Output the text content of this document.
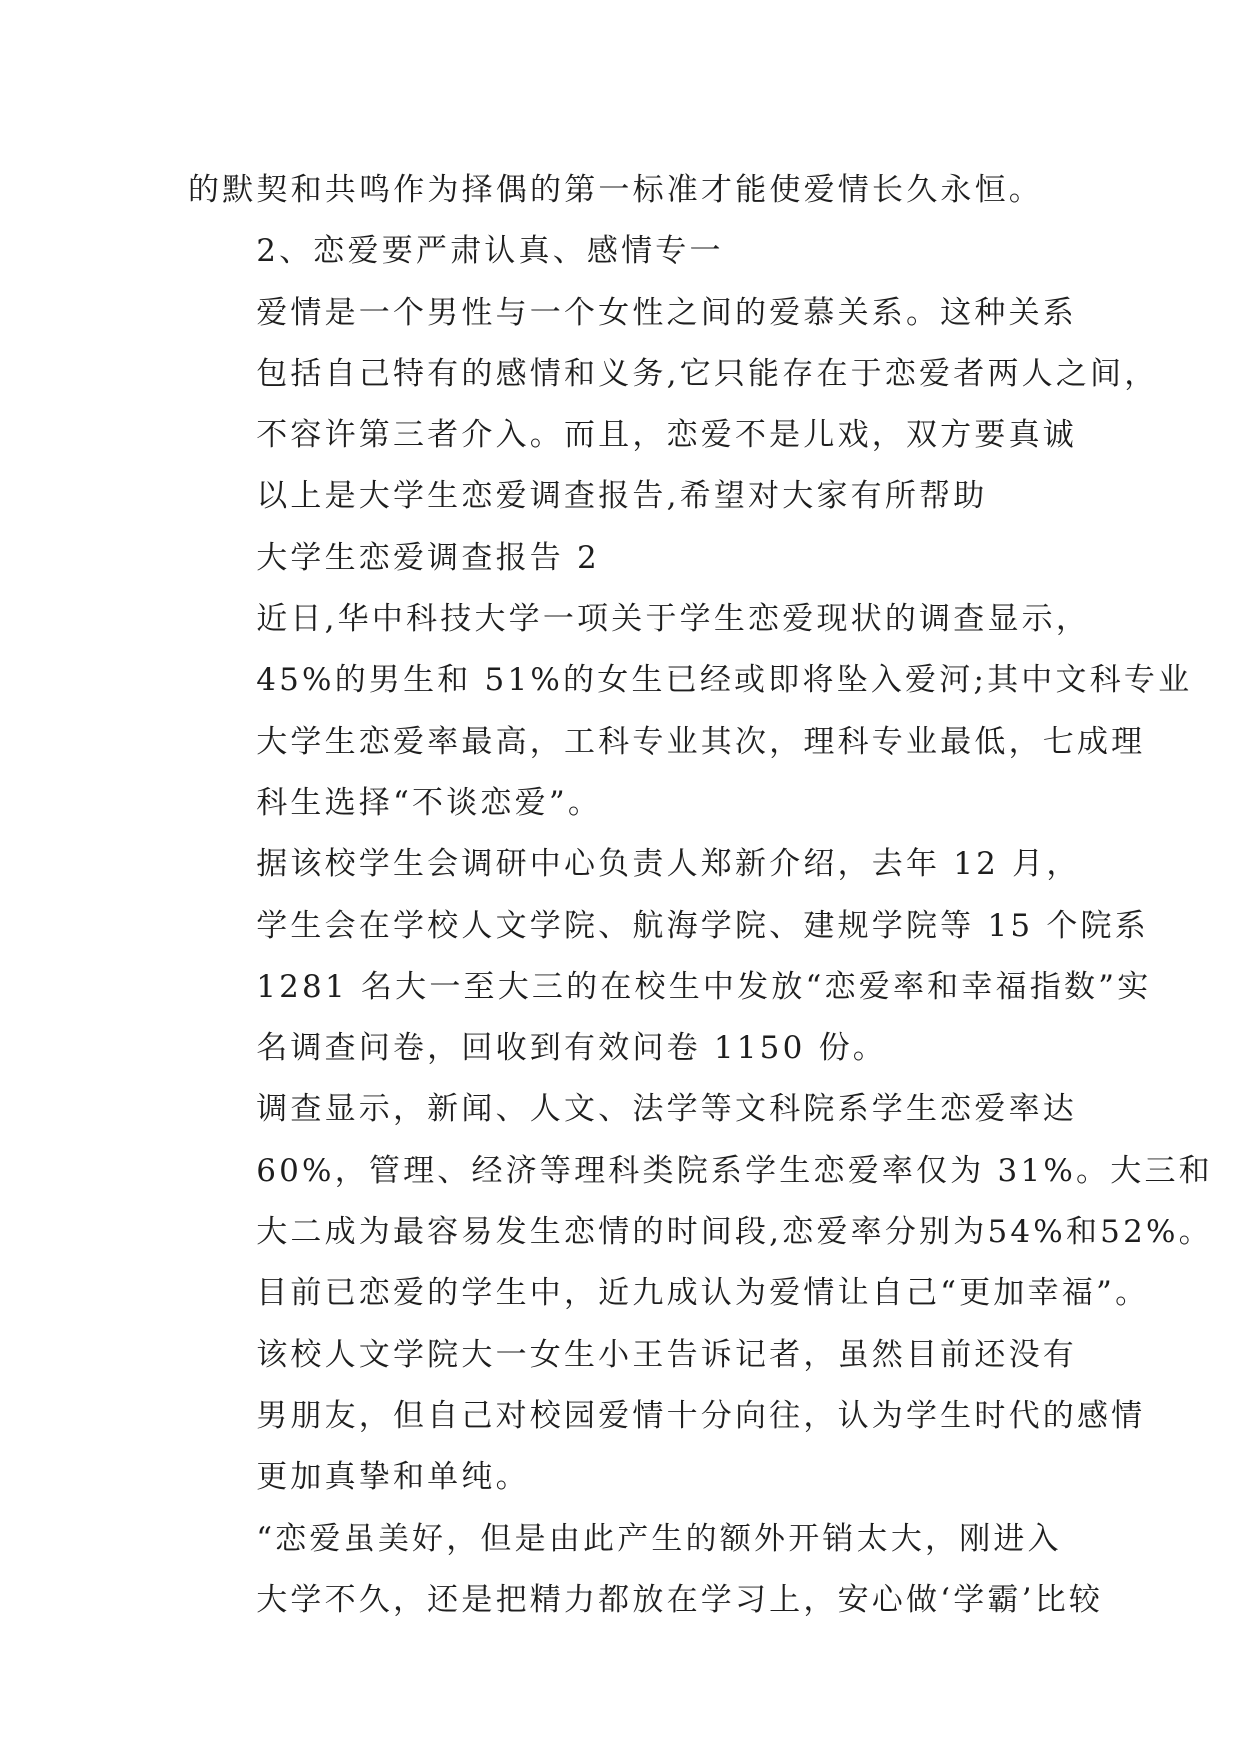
的默契和共鸣作为择偶的第一标准才能使爱情长久永恒。

2、恋爱要严肃认真、感情专一

爱情是一个男性与一个女性之间的爱慕关系。这种关系
包括自己特有的感情和义务,它只能存在于恋爱者两人之间，
不容许第三者介入。而且，恋爱不是儿戏，双方要真诚

以上是大学生恋爱调查报告,希望对大家有所帮助

大学生恋爱调查报告 2

近日,华中科技大学一项关于学生恋爱现状的调查显示，
45%的男生和 51%的女生已经或即将坠入爱河;其中文科专业
大学生恋爱率最高，工科专业其次，理科专业最低，七成理
科生选择“不谈恋爱”。

据该校学生会调研中心负责人郑新介绍，去年 12 月，
学生会在学校人文学院、航海学院、建规学院等 15 个院系
1281 名大一至大三的在校生中发放“恋爱率和幸福指数”实
名调查问卷，回收到有效问卷 1150 份。

调查显示，新闻、人文、法学等文科院系学生恋爱率达
60%，管理、经济等理科类院系学生恋爱率仅为 31%。大三和
大二成为最容易发生恋情的时间段,恋爱率分别为54%和52%。
目前已恋爱的学生中，近九成认为爱情让自己“更加幸福”。

该校人文学院大一女生小王告诉记者，虽然目前还没有
男朋友，但自己对校园爱情十分向往，认为学生时代的感情
更加真挚和单纯。

“恋爱虽美好，但是由此产生的额外开销太大，刚进入
大学不久，还是把精力都放在学习上，安心做‘学霸’比较
